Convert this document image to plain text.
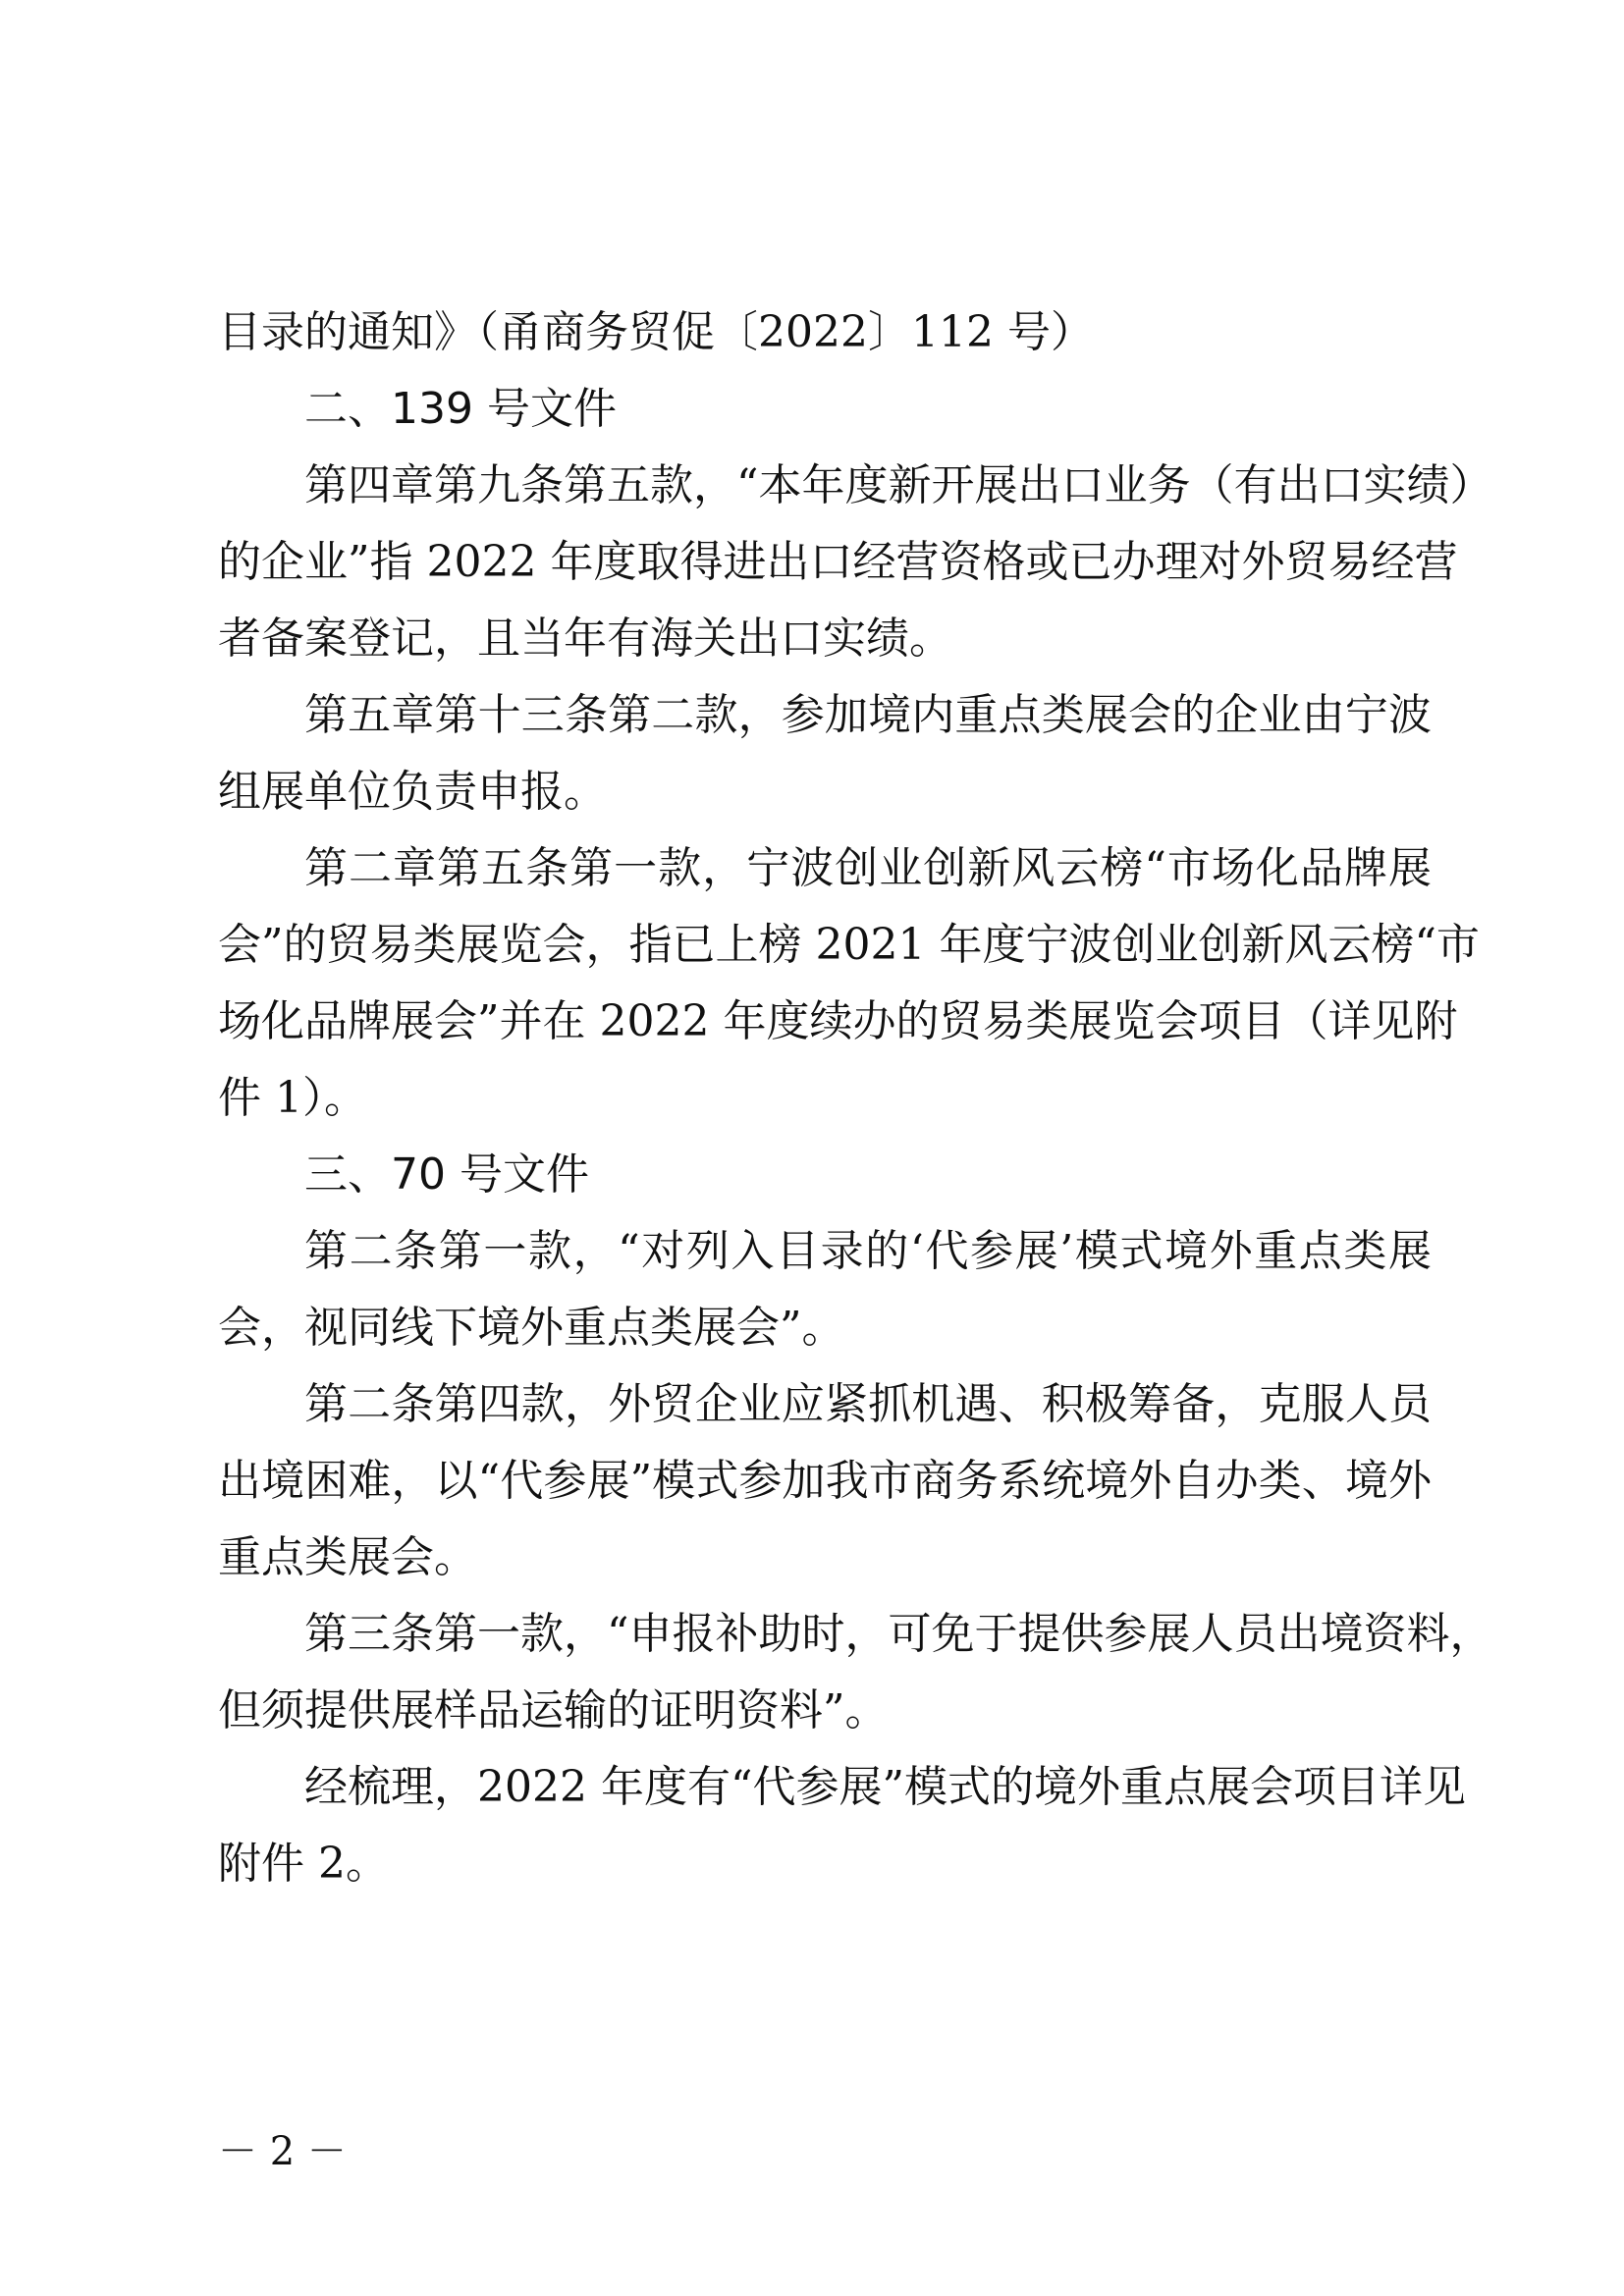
目录的通知》（甬商务贸促〔2022〕112 号）
二、139 号文件
第四章第九条第五款，“本年度新开展出口业务（有出口实绩）
的企业”指 2022 年度取得进出口经营资格或已办理对外贸易经营
者备案登记，且当年有海关出口实绩。
第五章第十三条第二款，参加境内重点类展会的企业由宁波
组展单位负责申报。
第二章第五条第一款，宁波创业创新风云榜“市场化品牌展
会”的贸易类展览会，指已上榜 2021 年度宁波创业创新风云榜“市
场化品牌展会”并在 2022 年度续办的贸易类展览会项目（详见附
件 1）。
三、70 号文件
第二条第一款，“对列入目录的‘代参展’模式境外重点类展
会，视同线下境外重点类展会”。
第二条第四款，外贸企业应紧抓机遇、积极筹备，克服人员
出境困难，以“代参展”模式参加我市商务系统境外自办类、境外
重点类展会。
第三条第一款，“申报补助时，可免于提供参展人员出境资料，
但须提供展样品运输的证明资料”。
经梳理，2022 年度有“代参展”模式的境外重点展会项目详见
附件 2。
－ 2 －
